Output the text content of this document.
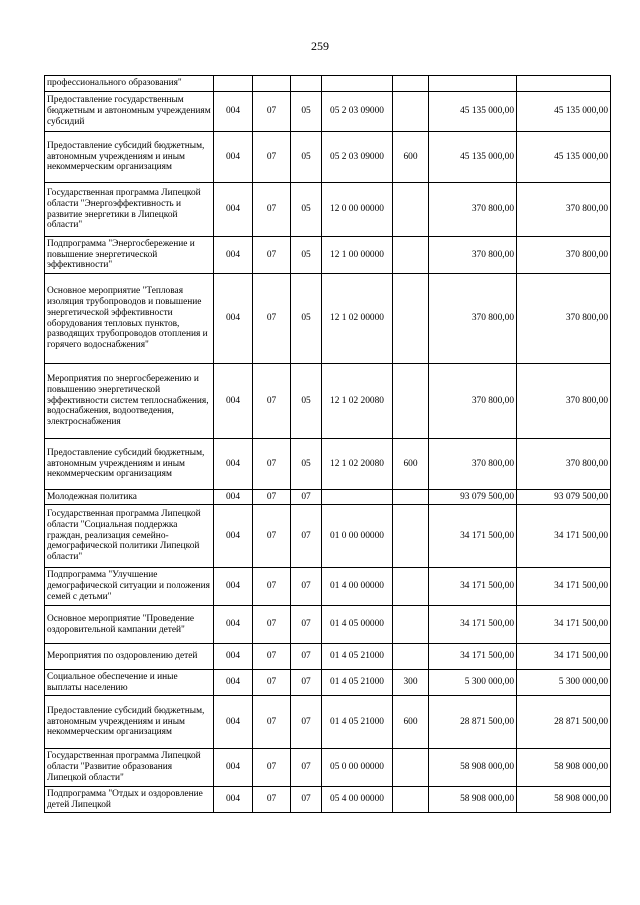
259
профессионального образования"							
Предоставление государственным бюджетным и автономным учреждениям субсидий	004	07	05	05 2 03 09000		45 135 000,00	45 135 000,00
Предоставление субсидий бюджетным, автономным учреждениям и иным некоммерческим организациям	004	07	05	05 2 03 09000	600	45 135 000,00	45 135 000,00
Государственная программа Липецкой области "Энергоэффективность и развитие энергетики в Липецкой области"	004	07	05	12 0 00 00000		370 800,00	370 800,00
Подпрограмма "Энергосбережение и повышение энергетической эффективности"	004	07	05	12 1 00 00000		370 800,00	370 800,00
Основное мероприятие "Тепловая изоляция трубопроводов и повышение энергетической эффективности оборудования тепловых пунктов, разводящих трубопроводов отопления и горячего водоснабжения"	004	07	05	12 1 02 00000		370 800,00	370 800,00
Мероприятия по энергосбережению и повышению энергетической эффективности систем теплоснабжения, водоснабжения, водоотведения, электроснабжения	004	07	05	12 1 02 20080		370 800,00	370 800,00
Предоставление субсидий бюджетным, автономным учреждениям и иным некоммерческим организациям	004	07	05	12 1 02 20080	600	370 800,00	370 800,00
Молодежная политика	004	07	07			93 079 500,00	93 079 500,00
Государственная программа Липецкой области "Социальная поддержка граждан, реализация семейно-демографической политики Липецкой области"	004	07	07	01 0 00 00000		34 171 500,00	34 171 500,00
Подпрограмма "Улучшение демографической ситуации и положения семей с детьми"	004	07	07	01 4 00 00000		34 171 500,00	34 171 500,00
Основное мероприятие "Проведение оздоровительной кампании детей"	004	07	07	01 4 05 00000		34 171 500,00	34 171 500,00
Мероприятия по оздоровлению детей	004	07	07	01 4 05 21000		34 171 500,00	34 171 500,00
Социальное обеспечение и иные выплаты населению	004	07	07	01 4 05 21000	300	5 300 000,00	5 300 000,00
Предоставление субсидий бюджетным, автономным учреждениям и иным некоммерческим организациям	004	07	07	01 4 05 21000	600	28 871 500,00	28 871 500,00
Государственная программа Липецкой области "Развитие образования Липецкой области"	004	07	07	05 0 00 00000		58 908 000,00	58 908 000,00
Подпрограмма "Отдых и оздоровление детей Липецкой	004	07	07	05 4 00 00000		58 908 000,00	58 908 000,00
